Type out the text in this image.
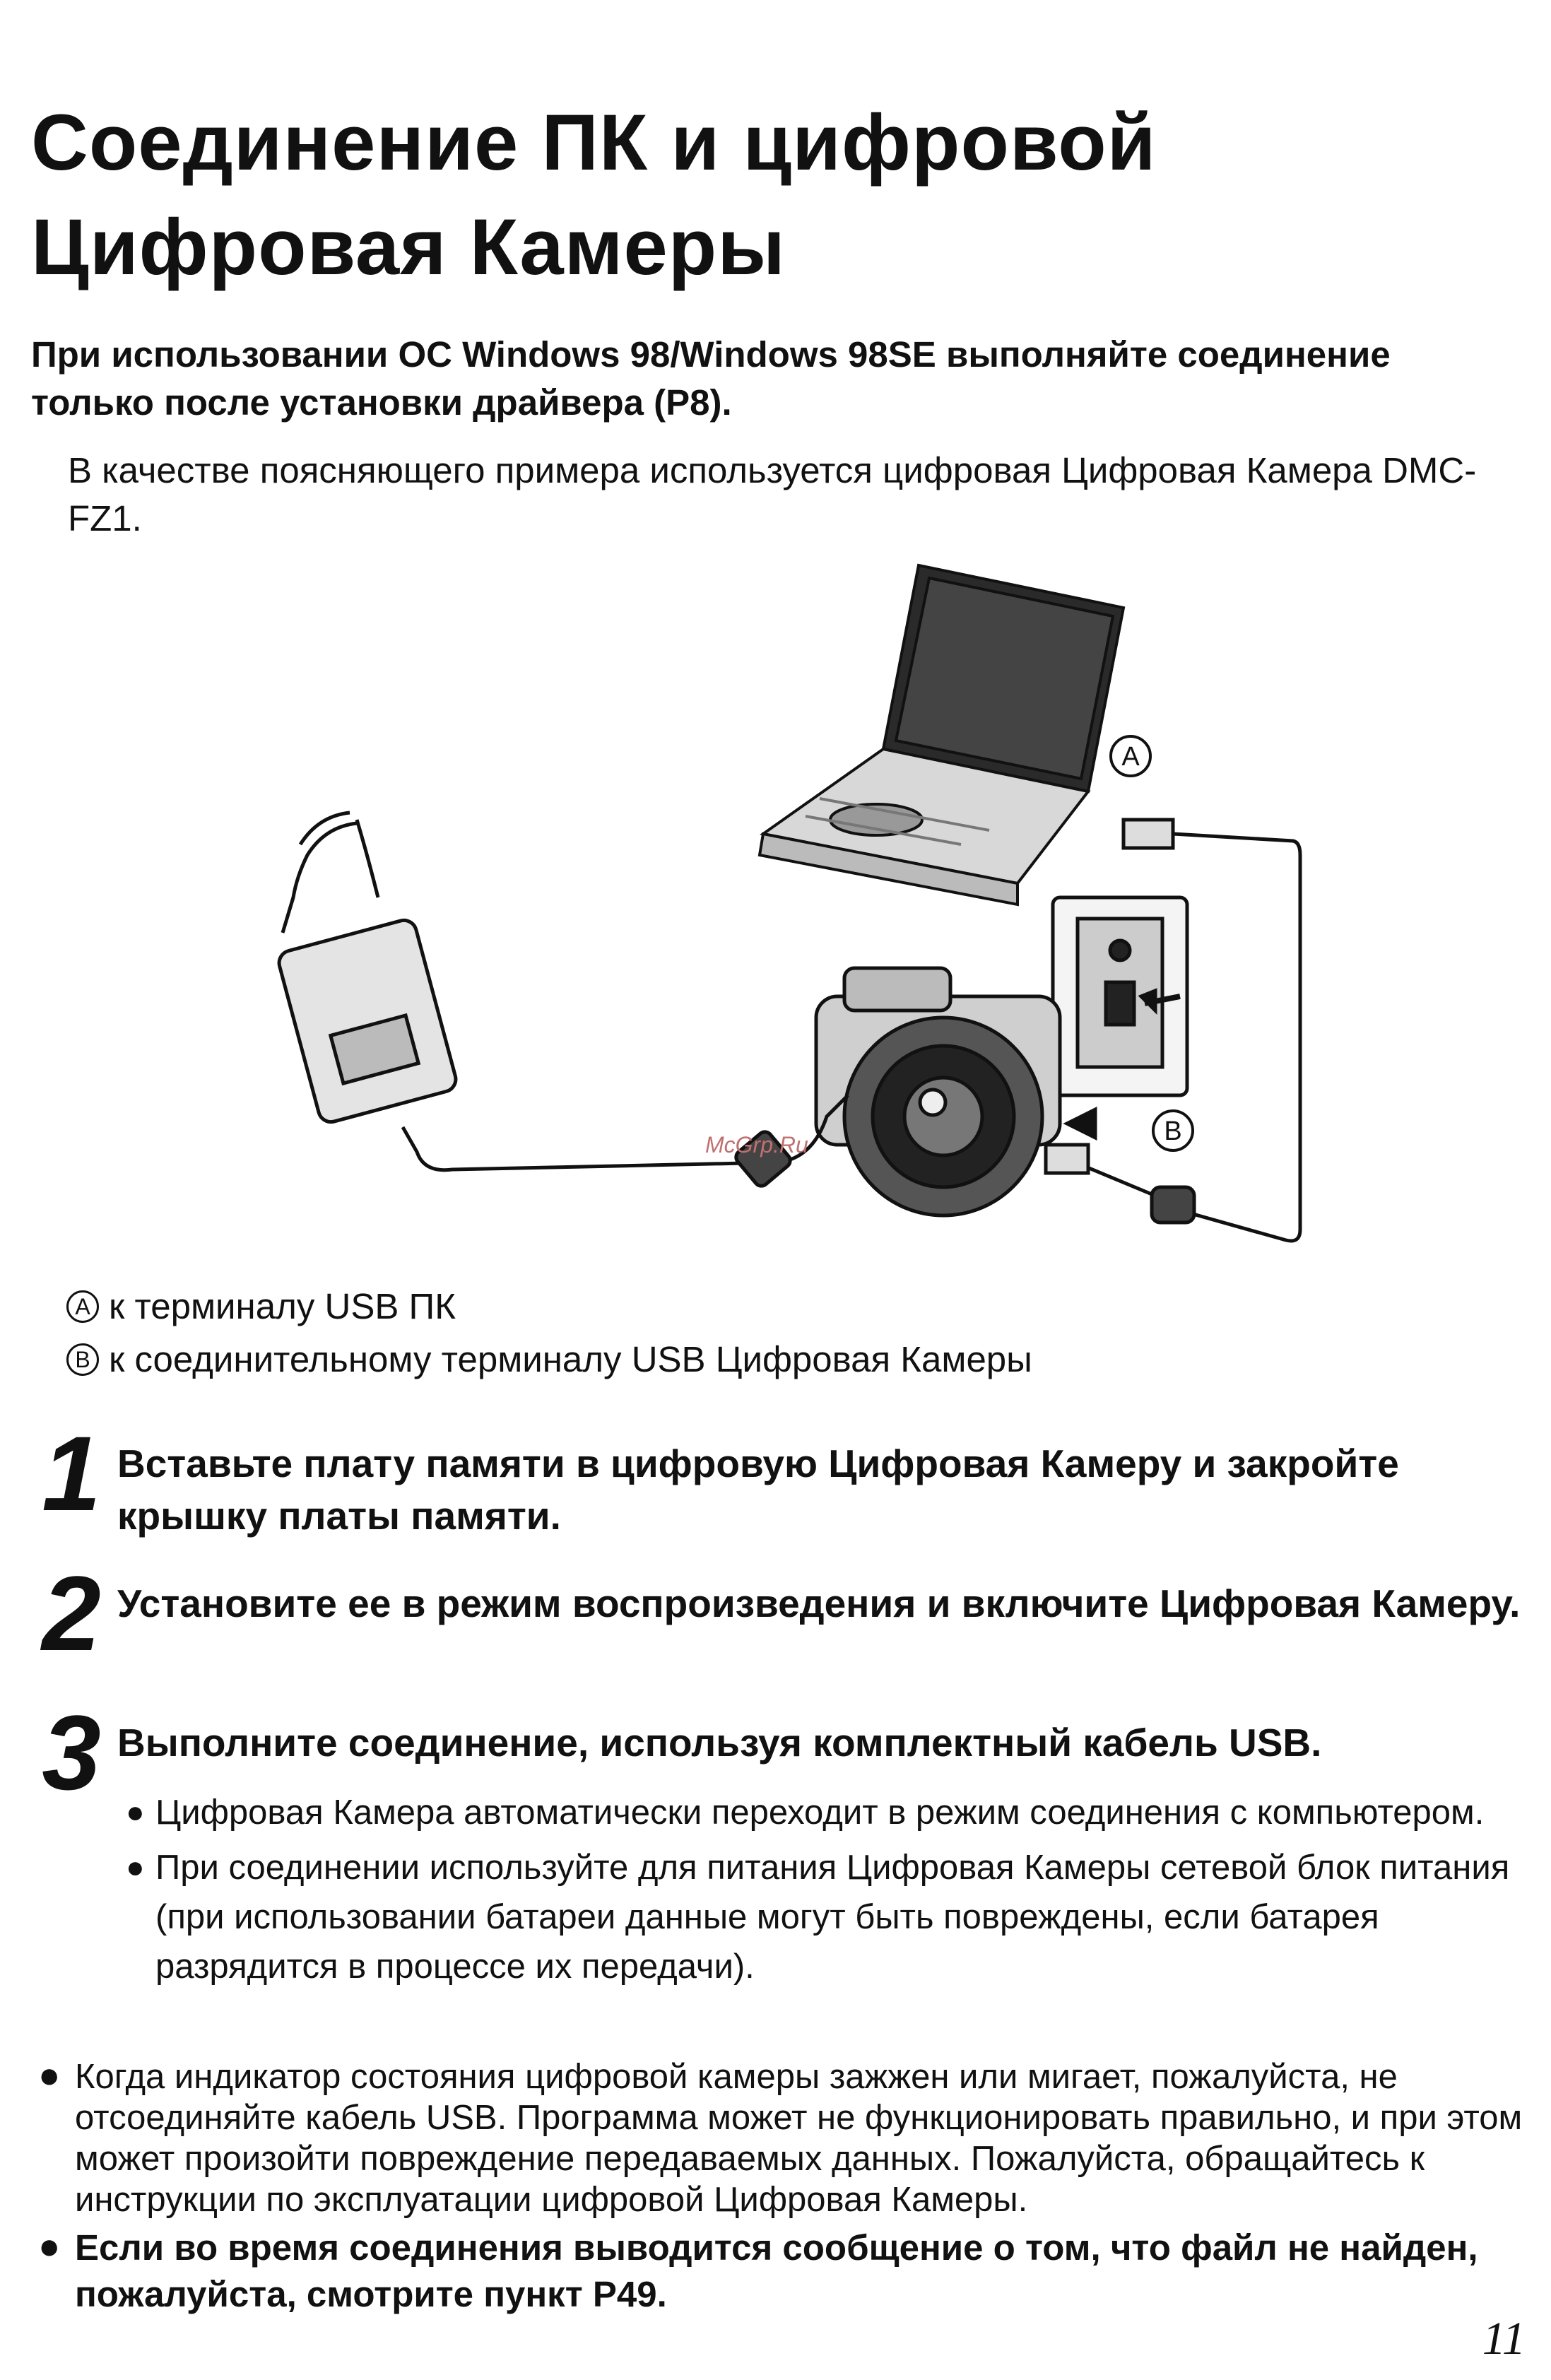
Соединение ПК и цифровой
Цифровая Камеры

При использовании ОС Windows 98/Windows 98SE выполняйте соединение
только после установки драйвера (P8).

В качестве поясняющего примера используется цифровая Цифровая Камера DMC-FZ1.

A
B
McGrp.Ru
A к терминалу USB ПК
B к соединительному терминалу USB Цифровая Камеры
1 Вставьте плату памяти в цифровую Цифровая Камеру и закройте крышку платы памяти.
2 Установите ее в режим воспроизведения и включите Цифровая Камеру.
3 Выполните соединение, используя комплектный кабель USB.
● Цифровая Камера автоматически переходит в режим соединения с компьютером.
● При соединении используйте для питания Цифровая Камеры сетевой блок питания (при использовании батареи данные могут быть повреждены, если батарея разрядится в процессе их передачи).
● Когда индикатор состояния цифровой камеры зажжен или мигает, пожалуйста, не отсоединяйте кабель USB. Программа может не функционировать правильно, и при этом может произойти повреждение передаваемых данных. Пожалуйста, обращайтесь к инструкции по эксплуатации цифровой Цифровая Камеры.
● Если во время соединения выводится сообщение о том, что файл не найден, пожалуйста, смотрите пункт P49.
11
